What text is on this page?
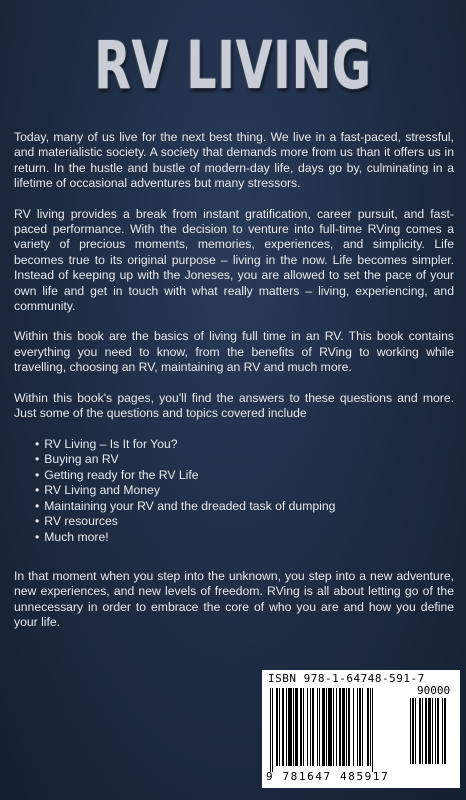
RV LIVING

Today, many of us live for the next best thing. We live in a fast-paced, stressful, and materialistic society. A society that demands more from us than it offers us in return. In the hustle and bustle of modern-day life, days go by, culminating in a lifetime of occasional adventures but many stressors.

RV living provides a break from instant gratification, career pursuit, and fast-paced performance. With the decision to venture into full-time RVing comes a variety of precious moments, memories, experiences, and simplicity. Life becomes true to its original purpose – living in the now. Life becomes simpler. Instead of keeping up with the Joneses, you are allowed to set the pace of your own life and get in touch with what really matters – living, experiencing, and community.

Within this book are the basics of living full time in an RV. This book contains everything you need to know, from the benefits of RVing to working while travelling, choosing an RV, maintaining an RV and much more.

Within this book's pages, you'll find the answers to these questions and more. Just some of the questions and topics covered include

• RV Living – Is It for You?
• Buying an RV
• Getting ready for the RV Life
• RV Living and Money
• Maintaining your RV and the dreaded task of dumping
• RV resources
• Much more!

In that moment when you step into the unknown, you step into a new adventure, new experiences, and new levels of freedom. RVing is all about letting go of the unnecessary in order to embrace the core of who you are and how you define your life.

ISBN 978-1-64748-591-7
90000
9 781647 485917
